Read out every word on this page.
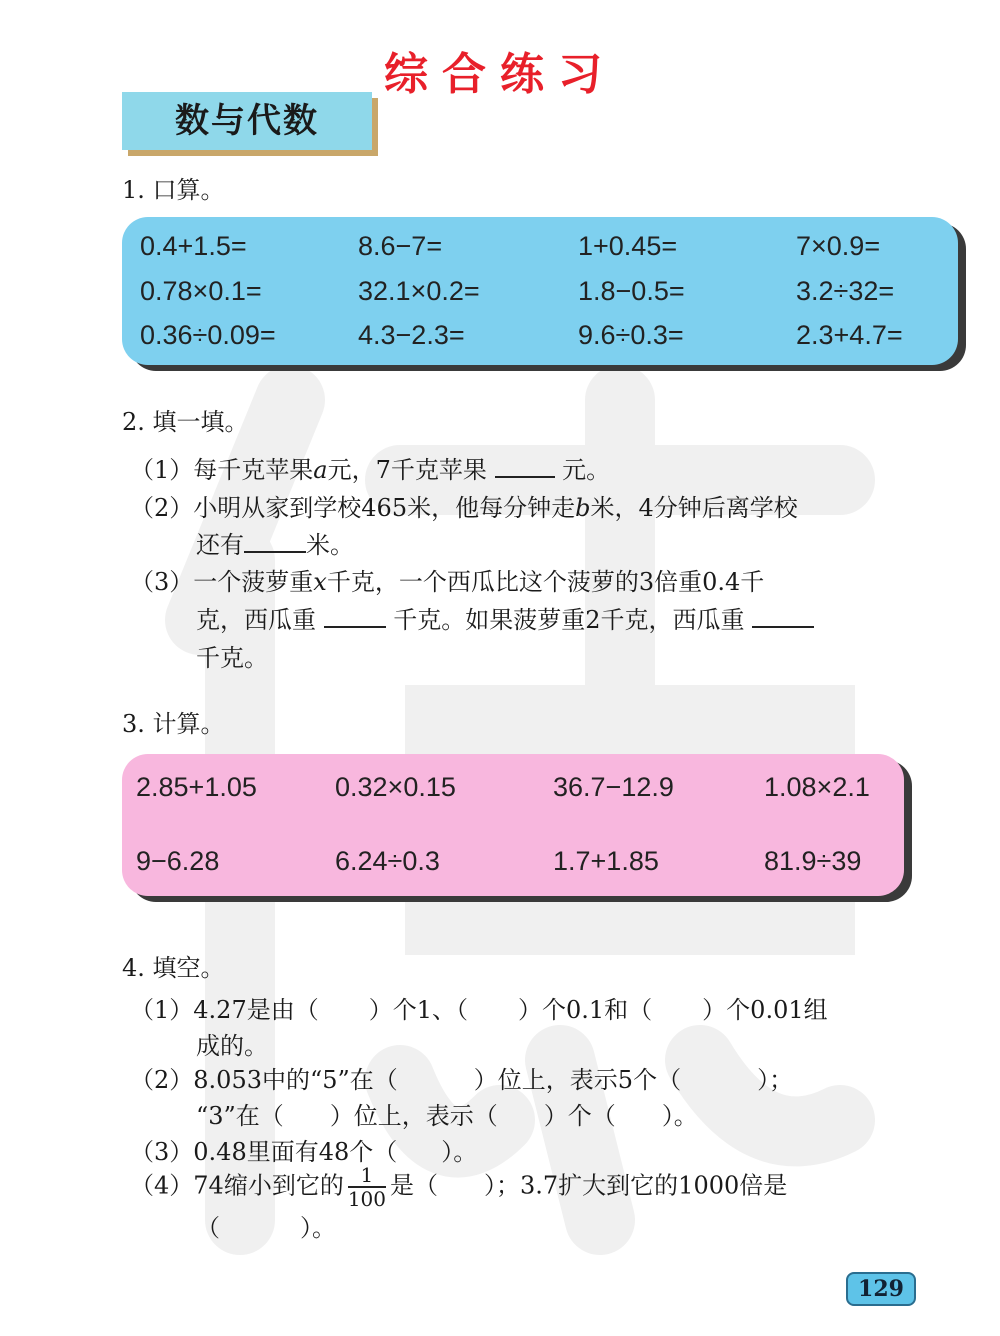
综合练习
数与代数
1. 口算。
0.4+1.5=	8.6−7=	1+0.45=	7×0.9=
0.78×0.1=	32.1×0.2=	1.8−0.5=	3.2÷32=
0.36÷0.09=	4.3−2.3=	9.6÷0.3=	2.3+4.7=
2. 填一填。
（1）每千克苹果a元，7千克苹果	元。
（2）小明从家到学校465米，他每分钟走b米，4分钟后离学校
还有	米。
（3）一个菠萝重x千克，一个西瓜比这个菠萝的3倍重0.4千
克，西瓜重	千克。如果菠萝重2千克，西瓜重
千克。
3. 计算。
2.85+1.05	0.32×0.15	36.7−12.9	1.08×2.1
9−6.28	6.24÷0.3	1.7+1.85	81.9÷39
4. 填空。
（1）4.27是由（ ）个1、（ ）个0.1和（ ）个0.01组
成的。
（2）8.053中的“5”在（	）位上，表示5个（	）；
“3”在（ ）位上，表示（ ）个（ ）。
（3）0.48里面有48个（ ）。
（4）74缩小到它的 $\frac{1}{100}$ 是（ ）；3.7扩大到它的1000倍是
（	）。
129
